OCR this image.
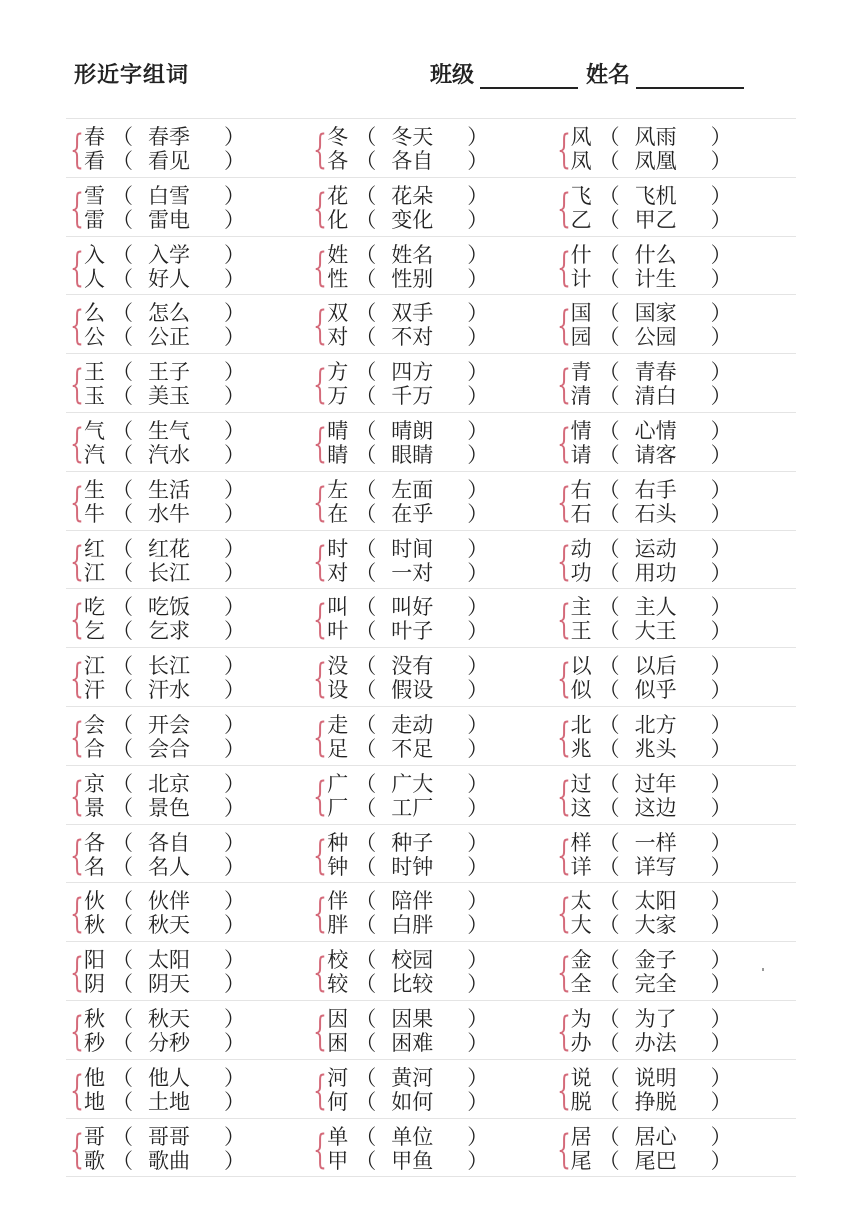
形近字组词	班级	姓名
{ 春 （ 春季 ）
看 （ 看见 ） { 冬 （ 冬天 ）
各 （ 各自 ） { 风 （ 风雨 ）
凤 （ 凤凰 ）
{ 雪 （ 白雪 ）
雷 （ 雷电 ） { 花 （ 花朵 ）
化 （ 变化 ） { 飞 （ 飞机 ）
乙 （ 甲乙 ）
{ 入 （ 入学 ）
人 （ 好人 ） { 姓 （ 姓名 ）
性 （ 性别 ） { 什 （ 什么 ）
计 （ 计生 ）
{ 么 （ 怎么 ）
公 （ 公正 ） { 双 （ 双手 ）
对 （ 不对 ） { 国 （ 国家 ）
园 （ 公园 ）
{ 王 （ 王子 ）
玉 （ 美玉 ） { 方 （ 四方 ）
万 （ 千万 ） { 青 （ 青春 ）
清 （ 清白 ）
{ 气 （ 生气 ）
汽 （ 汽水 ） { 晴 （ 晴朗 ）
睛 （ 眼睛 ） { 情 （ 心情 ）
请 （ 请客 ）
{ 生 （ 生活 ）
牛 （ 水牛 ） { 左 （ 左面 ）
在 （ 在乎 ） { 右 （ 右手 ）
石 （ 石头 ）
{ 红 （ 红花 ）
江 （ 长江 ） { 时 （ 时间 ）
对 （ 一对 ） { 动 （ 运动 ）
功 （ 用功 ）
{ 吃 （ 吃饭 ）
乞 （ 乞求 ） { 叫 （ 叫好 ）
叶 （ 叶子 ） { 主 （ 主人 ）
王 （ 大王 ）
{ 江 （ 长江 ）
汗 （ 汗水 ） { 没 （ 没有 ）
设 （ 假设 ） { 以 （ 以后 ）
似 （ 似乎 ）
{ 会 （ 开会 ）
合 （ 会合 ） { 走 （ 走动 ）
足 （ 不足 ） { 北 （ 北方 ）
兆 （ 兆头 ）
{ 京 （ 北京 ）
景 （ 景色 ） { 广 （ 广大 ）
厂 （ 工厂 ） { 过 （ 过年 ）
这 （ 这边 ）
{ 各 （ 各自 ）
名 （ 名人 ） { 种 （ 种子 ）
钟 （ 时钟 ） { 样 （ 一样 ）
详 （ 详写 ）
{ 伙 （ 伙伴 ）
秋 （ 秋天 ） { 伴 （ 陪伴 ）
胖 （ 白胖 ） { 太 （ 太阳 ）
大 （ 大家 ）
{ 阳 （ 太阳 ）
阴 （ 阴天 ） { 校 （ 校园 ）
较 （ 比较 ） { 金 （ 金子 ）
全 （ 完全 ）
{ 秋 （ 秋天 ）
秒 （ 分秒 ） { 因 （ 因果 ）
困 （ 困难 ） { 为 （ 为了 ）
办 （ 办法 ）
{ 他 （ 他人 ）
地 （ 土地 ） { 河 （ 黄河 ）
何 （ 如何 ） { 说 （ 说明 ）
脱 （ 挣脱 ）
{ 哥 （ 哥哥 ）
歌 （ 歌曲 ） { 单 （ 单位 ）
甲 （ 甲鱼 ） { 居 （ 居心 ）
尾 （ 尾巴 ）
